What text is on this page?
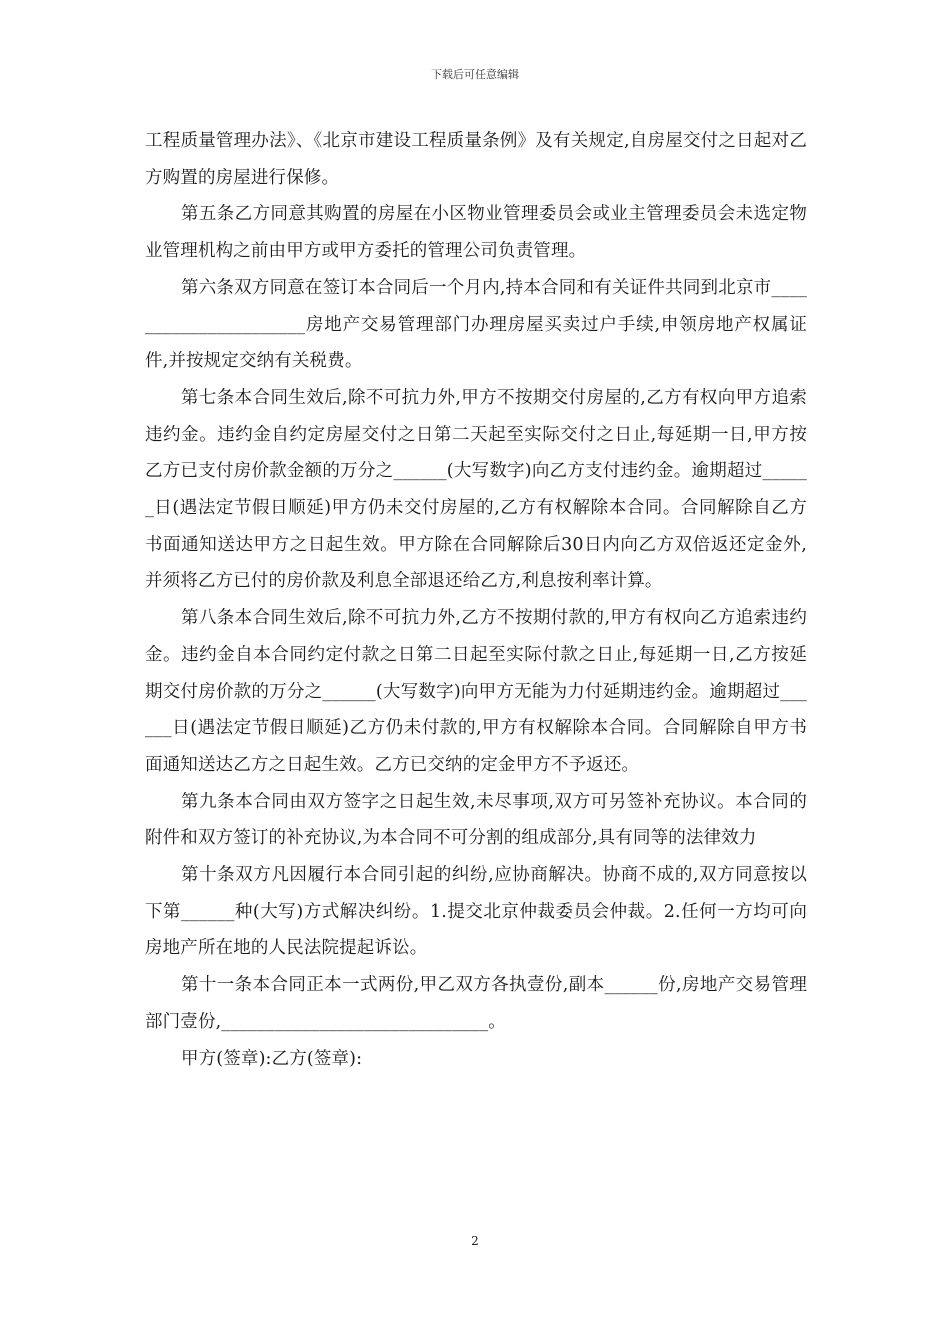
下载后可任意编辑

工程质量管理办法》、《北京市建设工程质量条例》及有关规定,自房屋交付之日起对乙方购置的房屋进行保修。

第五条乙方同意其购置的房屋在小区物业管理委员会或业主管理委员会未选定物业管理机构之前由甲方或甲方委托的管理公司负责管理。

第六条双方同意在签订本合同后一个月内,持本合同和有关证件共同到北京市______________________房地产交易管理部门办理房屋买卖过户手续,申领房地产权属证件,并按规定交纳有关税费。

第七条本合同生效后,除不可抗力外,甲方不按期交付房屋的,乙方有权向甲方追索违约金。违约金自约定房屋交付之日第二天起至实际交付之日止,每延期一日,甲方按乙方已支付房价款金额的万分之______(大写数字)向乙方支付违约金。逾期超过______日(遇法定节假日顺延)甲方仍未交付房屋的,乙方有权解除本合同。合同解除自乙方书面通知送达甲方之日起生效。甲方除在合同解除后30日内向乙方双倍返还定金外,并须将乙方已付的房价款及利息全部退还给乙方,利息按利率计算。

第八条本合同生效后,除不可抗力外,乙方不按期付款的,甲方有权向乙方追索违约金。违约金自本合同约定付款之日第二日起至实际付款之日止,每延期一日,乙方按延期交付房价款的万分之______(大写数字)向甲方无能为力付延期违约金。逾期超过______日(遇法定节假日顺延)乙方仍未付款的,甲方有权解除本合同。合同解除自甲方书面通知送达乙方之日起生效。乙方已交纳的定金甲方不予返还。

第九条本合同由双方签字之日起生效,未尽事项,双方可另签补充协议。本合同的附件和双方签订的补充协议,为本合同不可分割的组成部分,具有同等的法律效力

第十条双方凡因履行本合同引起的纠纷,应协商解决。协商不成的,双方同意按以下第______种(大写)方式解决纠纷。1.提交北京仲裁委员会仲裁。2.任何一方均可向房地产所在地的人民法院提起诉讼。

第十一条本合同正本一式两份,甲乙双方各执壹份,副本______份,房地产交易管理部门壹份,______________________________。

甲方(签章):乙方(签章):

2
